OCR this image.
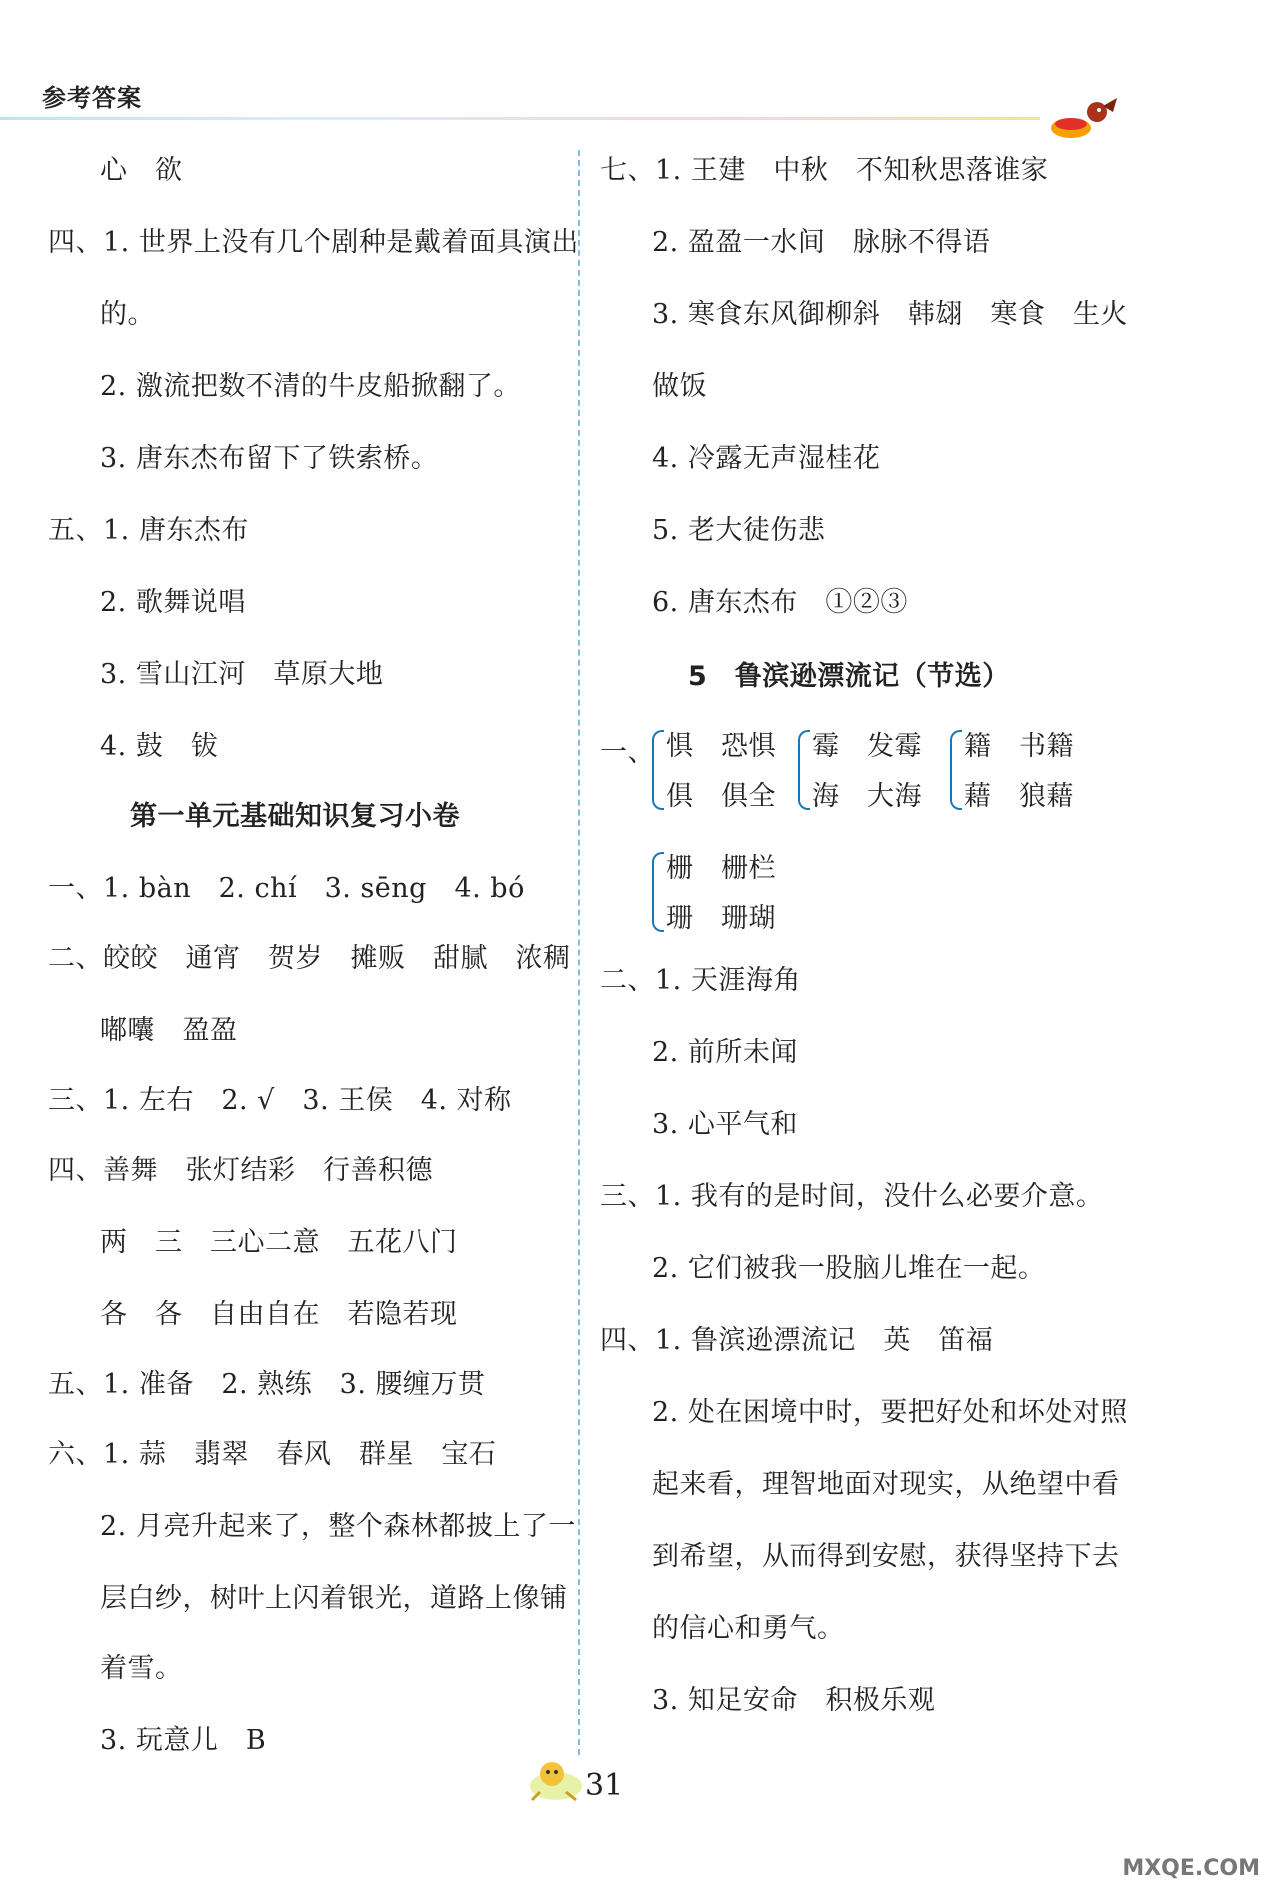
参考答案
心　欲
四、1. 世界上没有几个剧种是戴着面具演出
的。
2. 激流把数不清的牛皮船掀翻了。
3. 唐东杰布留下了铁索桥。
五、1. 唐东杰布
2. 歌舞说唱
3. 雪山江河　草原大地
4. 鼓　钹
第一单元基础知识复习小卷
一、1. bàn　2. chí　3. sēng　4. bó
二、皎皎　通宵　贺岁　摊贩　甜腻　浓稠
嘟囔　盈盈
三、1. 左右　2. √　3. 王侯　4. 对称
四、善舞　张灯结彩　行善积德
两　三　三心二意　五花八门
各　各　自由自在　若隐若现
五、1. 准备　2. 熟练　3. 腰缠万贯
六、1. 蒜　翡翠　春风　群星　宝石
2. 月亮升起来了，整个森林都披上了一
层白纱，树叶上闪着银光，道路上像铺
着雪。
3. 玩意儿　B
七、1. 王建　中秋　不知秋思落谁家
2. 盈盈一水间　脉脉不得语
3. 寒食东风御柳斜　韩翃　寒食　生火
做饭
4. 冷露无声湿桂花
5. 老大徒伤悲
6. 唐东杰布　①②③
5　鲁滨逊漂流记（节选）
一、 惧　恐惧
俱　俱全
霉　发霉
海　大海
籍　书籍
藉　狼藉
栅　栅栏
珊　珊瑚
二、1. 天涯海角
2. 前所未闻
3. 心平气和
三、1. 我有的是时间，没什么必要介意。
2. 它们被我一股脑儿堆在一起。
四、1. 鲁滨逊漂流记　英　笛福
2. 处在困境中时，要把好处和坏处对照
起来看，理智地面对现实，从绝望中看
到希望，从而得到安慰，获得坚持下去
的信心和勇气。
3. 知足安命　积极乐观
31
MXQE.COM
